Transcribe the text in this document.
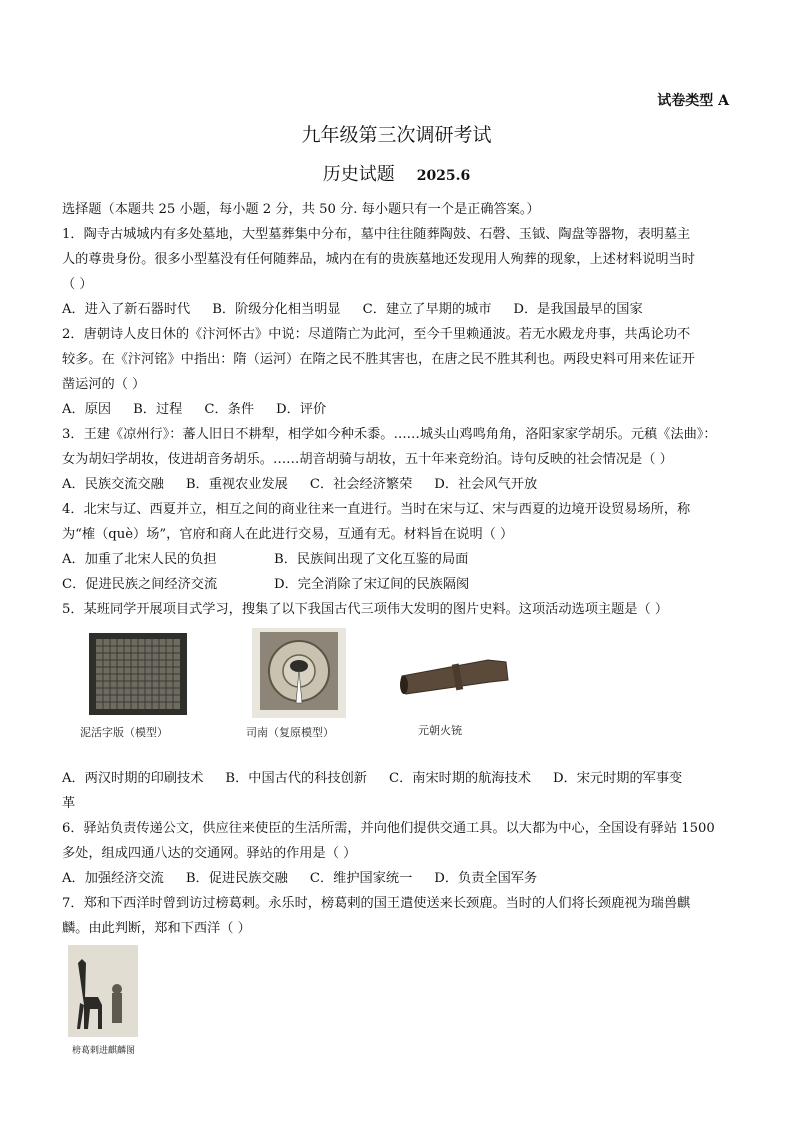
试卷类型 A
九年级第三次调研考试
历史试题 2025.6
选择题（本题共 25 小题，每小题 2 分，共 50 分. 每小题只有一个是正确答案。）
1．陶寺古城城内有多处墓地，大型墓葬集中分布，墓中往往随葬陶鼓、石磬、玉钺、陶盘等器物，表明墓主
人的尊贵身份。很多小型墓没有任何随葬品，城内在有的贵族墓地还发现用人殉葬的现象，上述材料说明当时
（ ）
A．进入了新石器时代 B．阶级分化相当明显 C．建立了早期的城市 D．是我国最早的国家
2．唐朝诗人皮日休的《汴河怀古》中说：尽道隋亡为此河，至今千里赖通波。若无水殿龙舟事，共禹论功不
较多。在《汴河铭》中指出：隋（运河）在隋之民不胜其害也，在唐之民不胜其利也。两段史料可用来佐证开
凿运河的（ ）
A．原因 B．过程 C．条件 D．评价
3．王建《凉州行》：蕃人旧日不耕犁，相学如今种禾黍。……城头山鸡鸣角角，洛阳家家学胡乐。元稹《法曲》：
女为胡妇学胡妆，伎进胡音务胡乐。……胡音胡骑与胡妆，五十年来竞纷泊。诗句反映的社会情况是（ ）
A．民族交流交融 B．重视农业发展 C．社会经济繁荣 D．社会风气开放
4．北宋与辽、西夏并立，相互之间的商业往来一直进行。当时在宋与辽、宋与西夏的边境开设贸易场所，称
为“榷（què）场”，官府和商人在此进行交易，互通有无。材料旨在说明（ ）
A．加重了北宋人民的负担	B．民族间出现了文化互鉴的局面
C．促进民族之间经济交流	D．完全消除了宋辽间的民族隔阂
5．某班同学开展项目式学习，搜集了以下我国古代三项伟大发明的图片史料。这项活动选项主题是（ ）
泥活字版（模型）	司南（复原模型）	元朝火铳
A．两汉时期的印刷技术 B．中国古代的科技创新 C．南宋时期的航海技术 D．宋元时期的军事变
革
6．驿站负责传递公文，供应往来使臣的生活所需，并向他们提供交通工具。以大都为中心，全国设有驿站 1500
多处，组成四通八达的交通网。驿站的作用是（ ）
A．加强经济交流 B．促进民族交融 C．维护国家统一 D．负责全国军务
7．郑和下西洋时曾到访过榜葛剌。永乐时，榜葛剌的国王遣使送来长颈鹿。当时的人们将长颈鹿视为瑞兽麒
麟。由此判断，郑和下西洋（ ）
榜葛剌进麒麟图
